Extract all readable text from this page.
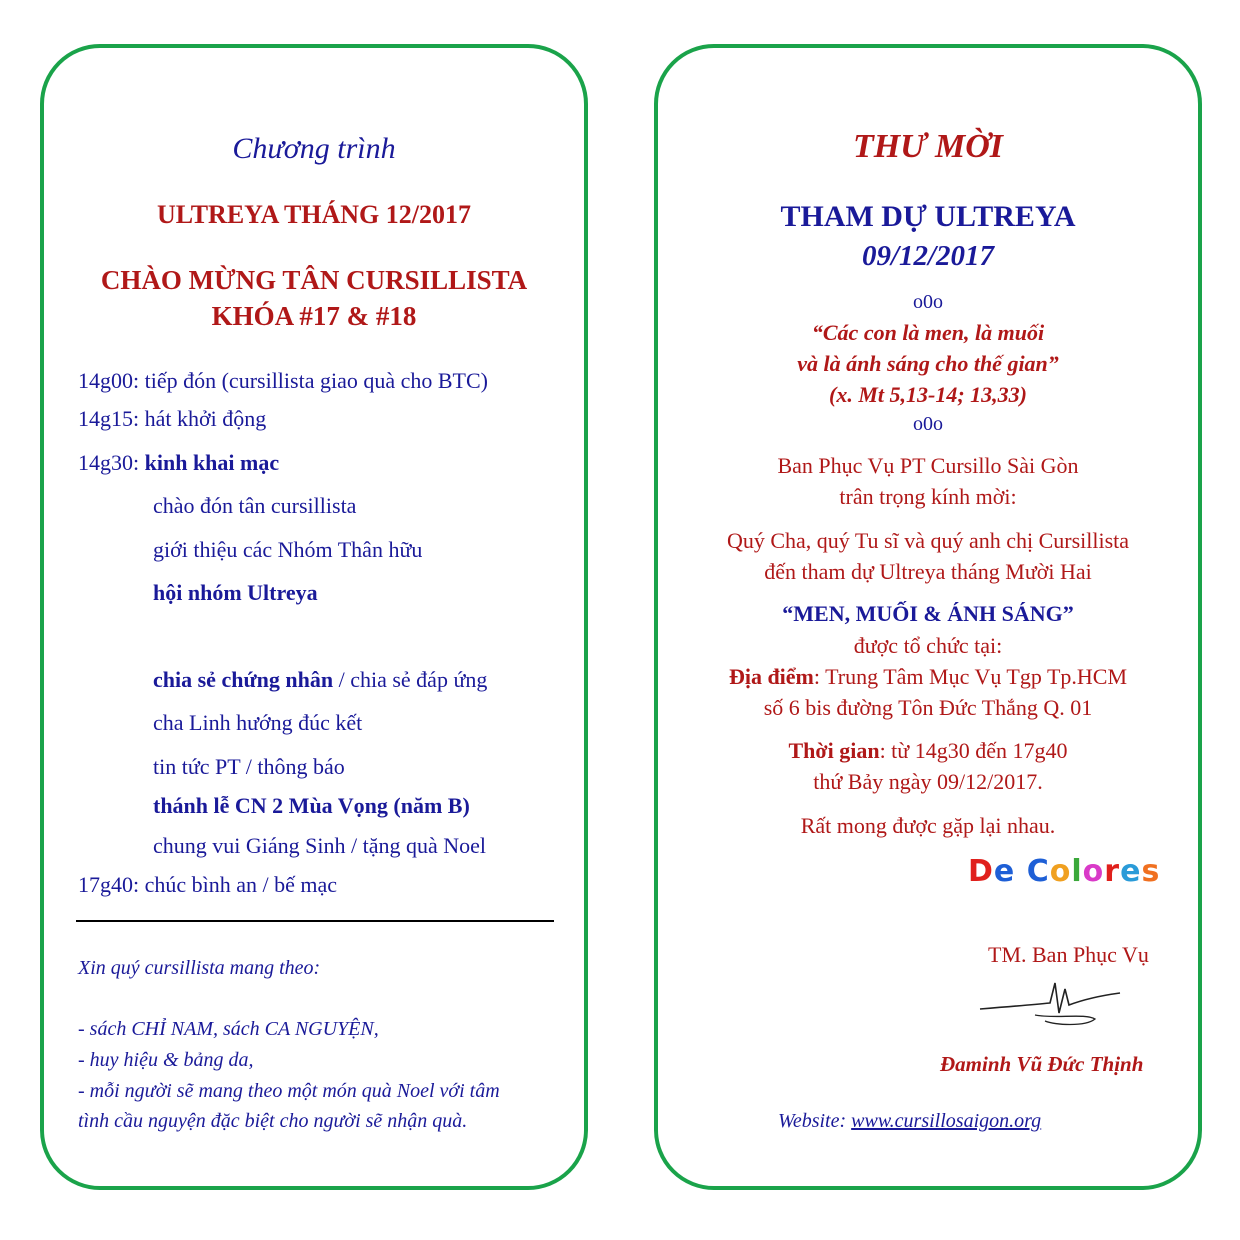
Chương trình
ULTREYA THÁNG 12/2017
CHÀO MỪNG TÂN CURSILLISTA
KHÓA #17 & #18
14g00: tiếp đón (cursillista giao quà cho BTC)
14g15: hát khởi động
14g30: kinh khai mạc
chào đón tân cursillista
giới thiệu các Nhóm Thân hữu
hội nhóm Ultreya
chia sẻ chứng nhân / chia sẻ đáp ứng
cha Linh hướng đúc kết
tin tức PT / thông báo
thánh lễ CN 2 Mùa Vọng (năm B)
chung vui Giáng Sinh / tặng quà Noel
17g40: chúc bình an / bế mạc
Xin quý cursillista mang theo:
- sách CHỈ NAM, sách CA NGUYỆN,
- huy hiệu & bảng da,
- mỗi người sẽ mang theo một món quà Noel với tâm
tình cầu nguyện đặc biệt cho người sẽ nhận quà.
THƯ MỜI
THAM DỰ ULTREYA
09/12/2017
o0o
“Các con là men, là muối
và là ánh sáng cho thế gian”
(x. Mt 5,13-14; 13,33)
o0o
Ban Phục Vụ PT Cursillo Sài Gòn
trân trọng kính mời:
Quý Cha, quý Tu sĩ và quý anh chị Cursillista
đến tham dự Ultreya tháng Mười Hai
“MEN, MUỐI & ÁNH SÁNG”
được tổ chức tại:
Địa điểm: Trung Tâm Mục Vụ Tgp Tp.HCM
số 6 bis đường Tôn Đức Thắng Q. 01
Thời gian: từ 14g30 đến 17g40
thứ Bảy ngày 09/12/2017.
Rất mong được gặp lại nhau.
De Colores
TM. Ban Phục Vụ
Đaminh Vũ Đức Thịnh
Website: www.cursillosaigon.org
